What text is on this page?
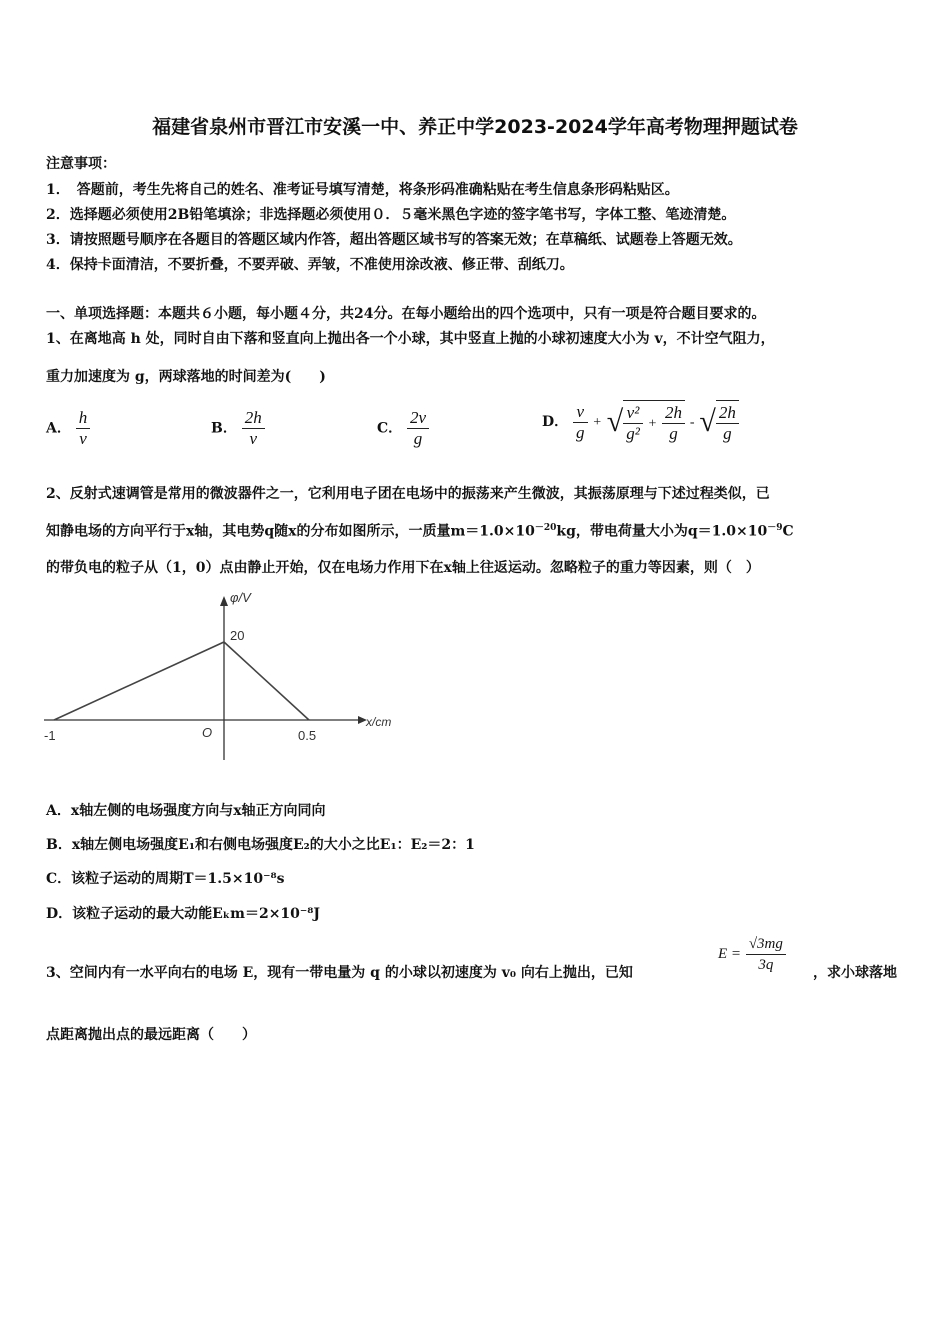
福建省泉州市晋江市安溪一中、养正中学2023-2024学年高考物理押题试卷
注意事项：
1．　答题前，考生先将自己的姓名、准考证号填写清楚，将条形码准确粘贴在考生信息条形码粘贴区。
2．选择题必须使用2B铅笔填涂；非选择题必须使用０．５毫米黑色字迹的签字笔书写，字体工整、笔迹清楚。
3．请按照题号顺序在各题目的答题区域内作答，超出答题区域书写的答案无效；在草稿纸、试题卷上答题无效。
4．保持卡面清洁，不要折叠，不要弄破、弄皱，不准使用涂改液、修正带、刮纸刀。
一、单项选择题：本题共６小题，每小题４分，共24分。在每小题给出的四个选项中，只有一项是符合题目要求的。
1、在离地高 h 处，同时自由下落和竖直向上抛出各一个小球，其中竖直上抛的小球初速度大小为 v，不计空气阻力，
重力加速度为 g，两球落地的时间差为(　　)
A． $\frac{h}{v}$	B． $\frac{2h}{v}$	C． $\frac{2v}{g}$	D． $\frac{v}{g}$ + √ $\frac{\text{v²}}{\text{g²}} + \frac{2h}{g}$ - √ $\frac{2h}{g}$
2、反射式速调管是常用的微波器件之一，它利用电子团在电场中的振荡来产生微波，其振荡原理与下述过程类似，已
知静电场的方向平行于x轴，其电势q随x的分布如图所示，一质量$m=1.0\times 10^{-20}kg$，带电荷量大小为$q=1.0\times 10^{-9}C$
的带负电的粒子从（1，0）点由静止开始，仅在电场力作用下在x轴上往返运动。忽略粒子的重力等因素，则（　）
φ/V
x/cm
20
O
-1	0.5
A．x轴左侧的电场强度方向与x轴正方向同向
B．x轴左侧电场强度E₁和右侧电场强度E₂的大小之比E₁：E₂＝2：1
C．该粒子运动的周期T＝1.5×10⁻⁸s
D．该粒子运动的最大动能Eₖm＝2×10⁻⁸J
3、空间内有一水平向右的电场 E，现有一带电量为 q 的小球以初速度为 v₀ 向右上抛出，已知
$E = \frac{√3mg}{3q}$ ，求小球落地
点距离抛出点的最远距离（　　）
